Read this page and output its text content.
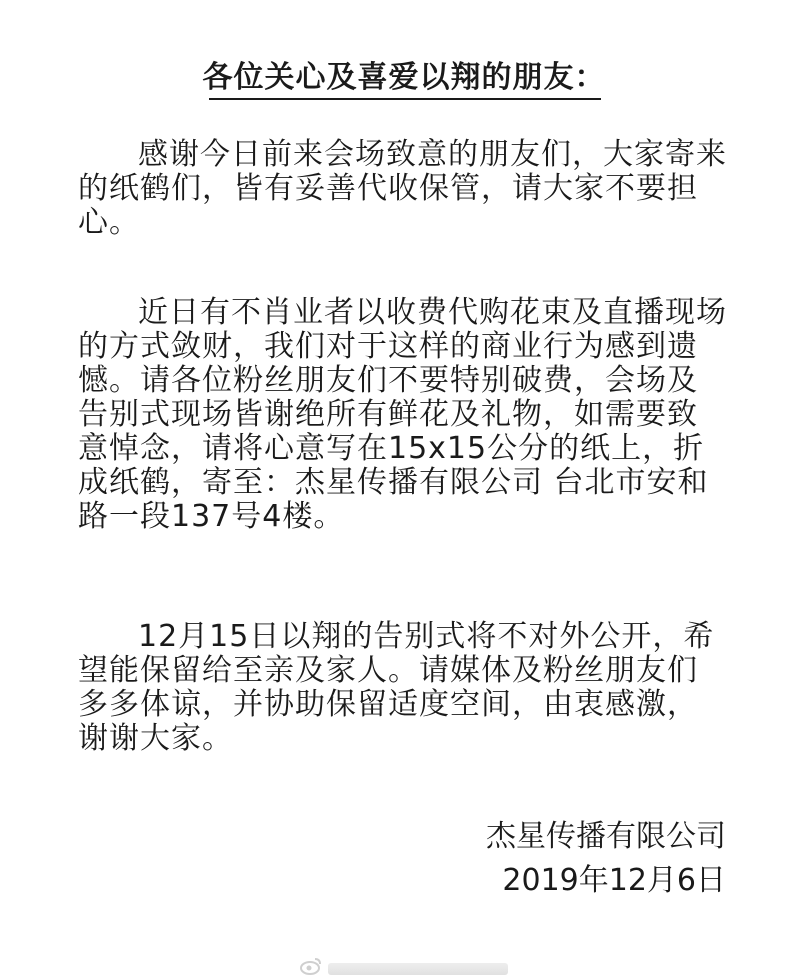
各位关心及喜爱以翔的朋友：

感谢今日前来会场致意的朋友们，大家寄来的纸鹤们，皆有妥善代收保管，请大家不要担心。

近日有不肖业者以收费代购花束及直播现场的方式敛财，我们对于这样的商业行为感到遗憾。请各位粉丝朋友们不要特别破费，会场及告别式现场皆谢绝所有鲜花及礼物，如需要致意悼念，请将心意写在15x15公分的纸上，折成纸鹤，寄至：杰星传播有限公司 台北市安和路一段137号4楼。

12月15日以翔的告别式将不对外公开，希望能保留给至亲及家人。请媒体及粉丝朋友们多多体谅，并协助保留适度空间，由衷感激，谢谢大家。

杰星传播有限公司
2019年12月6日
